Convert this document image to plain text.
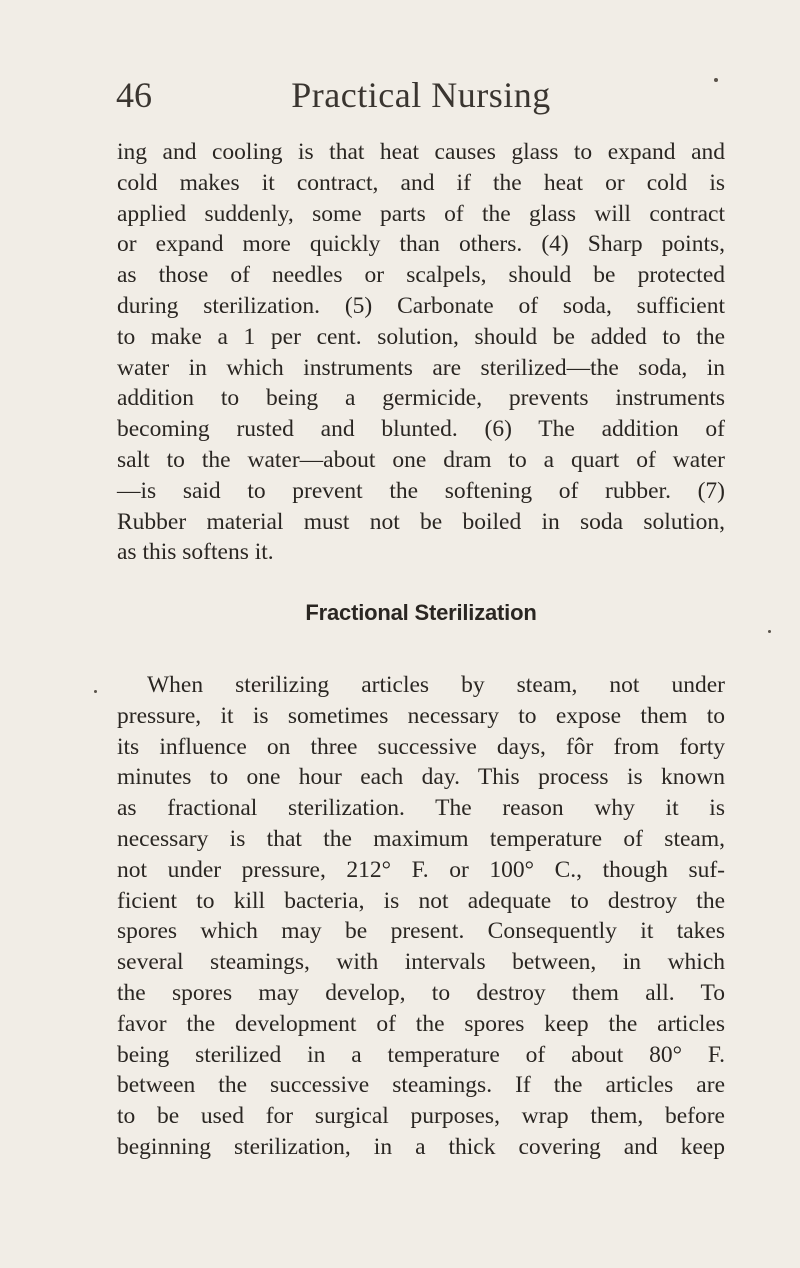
46	Practical Nursing
ing and cooling is that heat causes glass to expand and
cold makes it contract, and if the heat or cold is
applied suddenly, some parts of the glass will contract
or expand more quickly than others. (4) Sharp points,
as those of needles or scalpels, should be protected
during sterilization. (5) Carbonate of soda, sufficient
to make a 1 per cent. solution, should be added to the
water in which instruments are sterilized—the soda, in
addition to being a germicide, prevents instruments
becoming rusted and blunted. (6) The addition of
salt to the water—about one dram to a quart of water
—is said to prevent the softening of rubber. (7)
Rubber material must not be boiled in soda solution,
as this softens it.
Fractional Sterilization
When sterilizing articles by steam, not under
pressure, it is sometimes necessary to expose them to
its influence on three successive days, fôr from forty
minutes to one hour each day. This process is known
as fractional sterilization. The reason why it is
necessary is that the maximum temperature of steam,
not under pressure, 212° F. or 100° C., though suf-
ficient to kill bacteria, is not adequate to destroy the
spores which may be present. Consequently it takes
several steamings, with intervals between, in which
the spores may develop, to destroy them all. To
favor the development of the spores keep the articles
being sterilized in a temperature of about 80° F.
between the successive steamings. If the articles are
to be used for surgical purposes, wrap them, before
beginning sterilization, in a thick covering and keep
